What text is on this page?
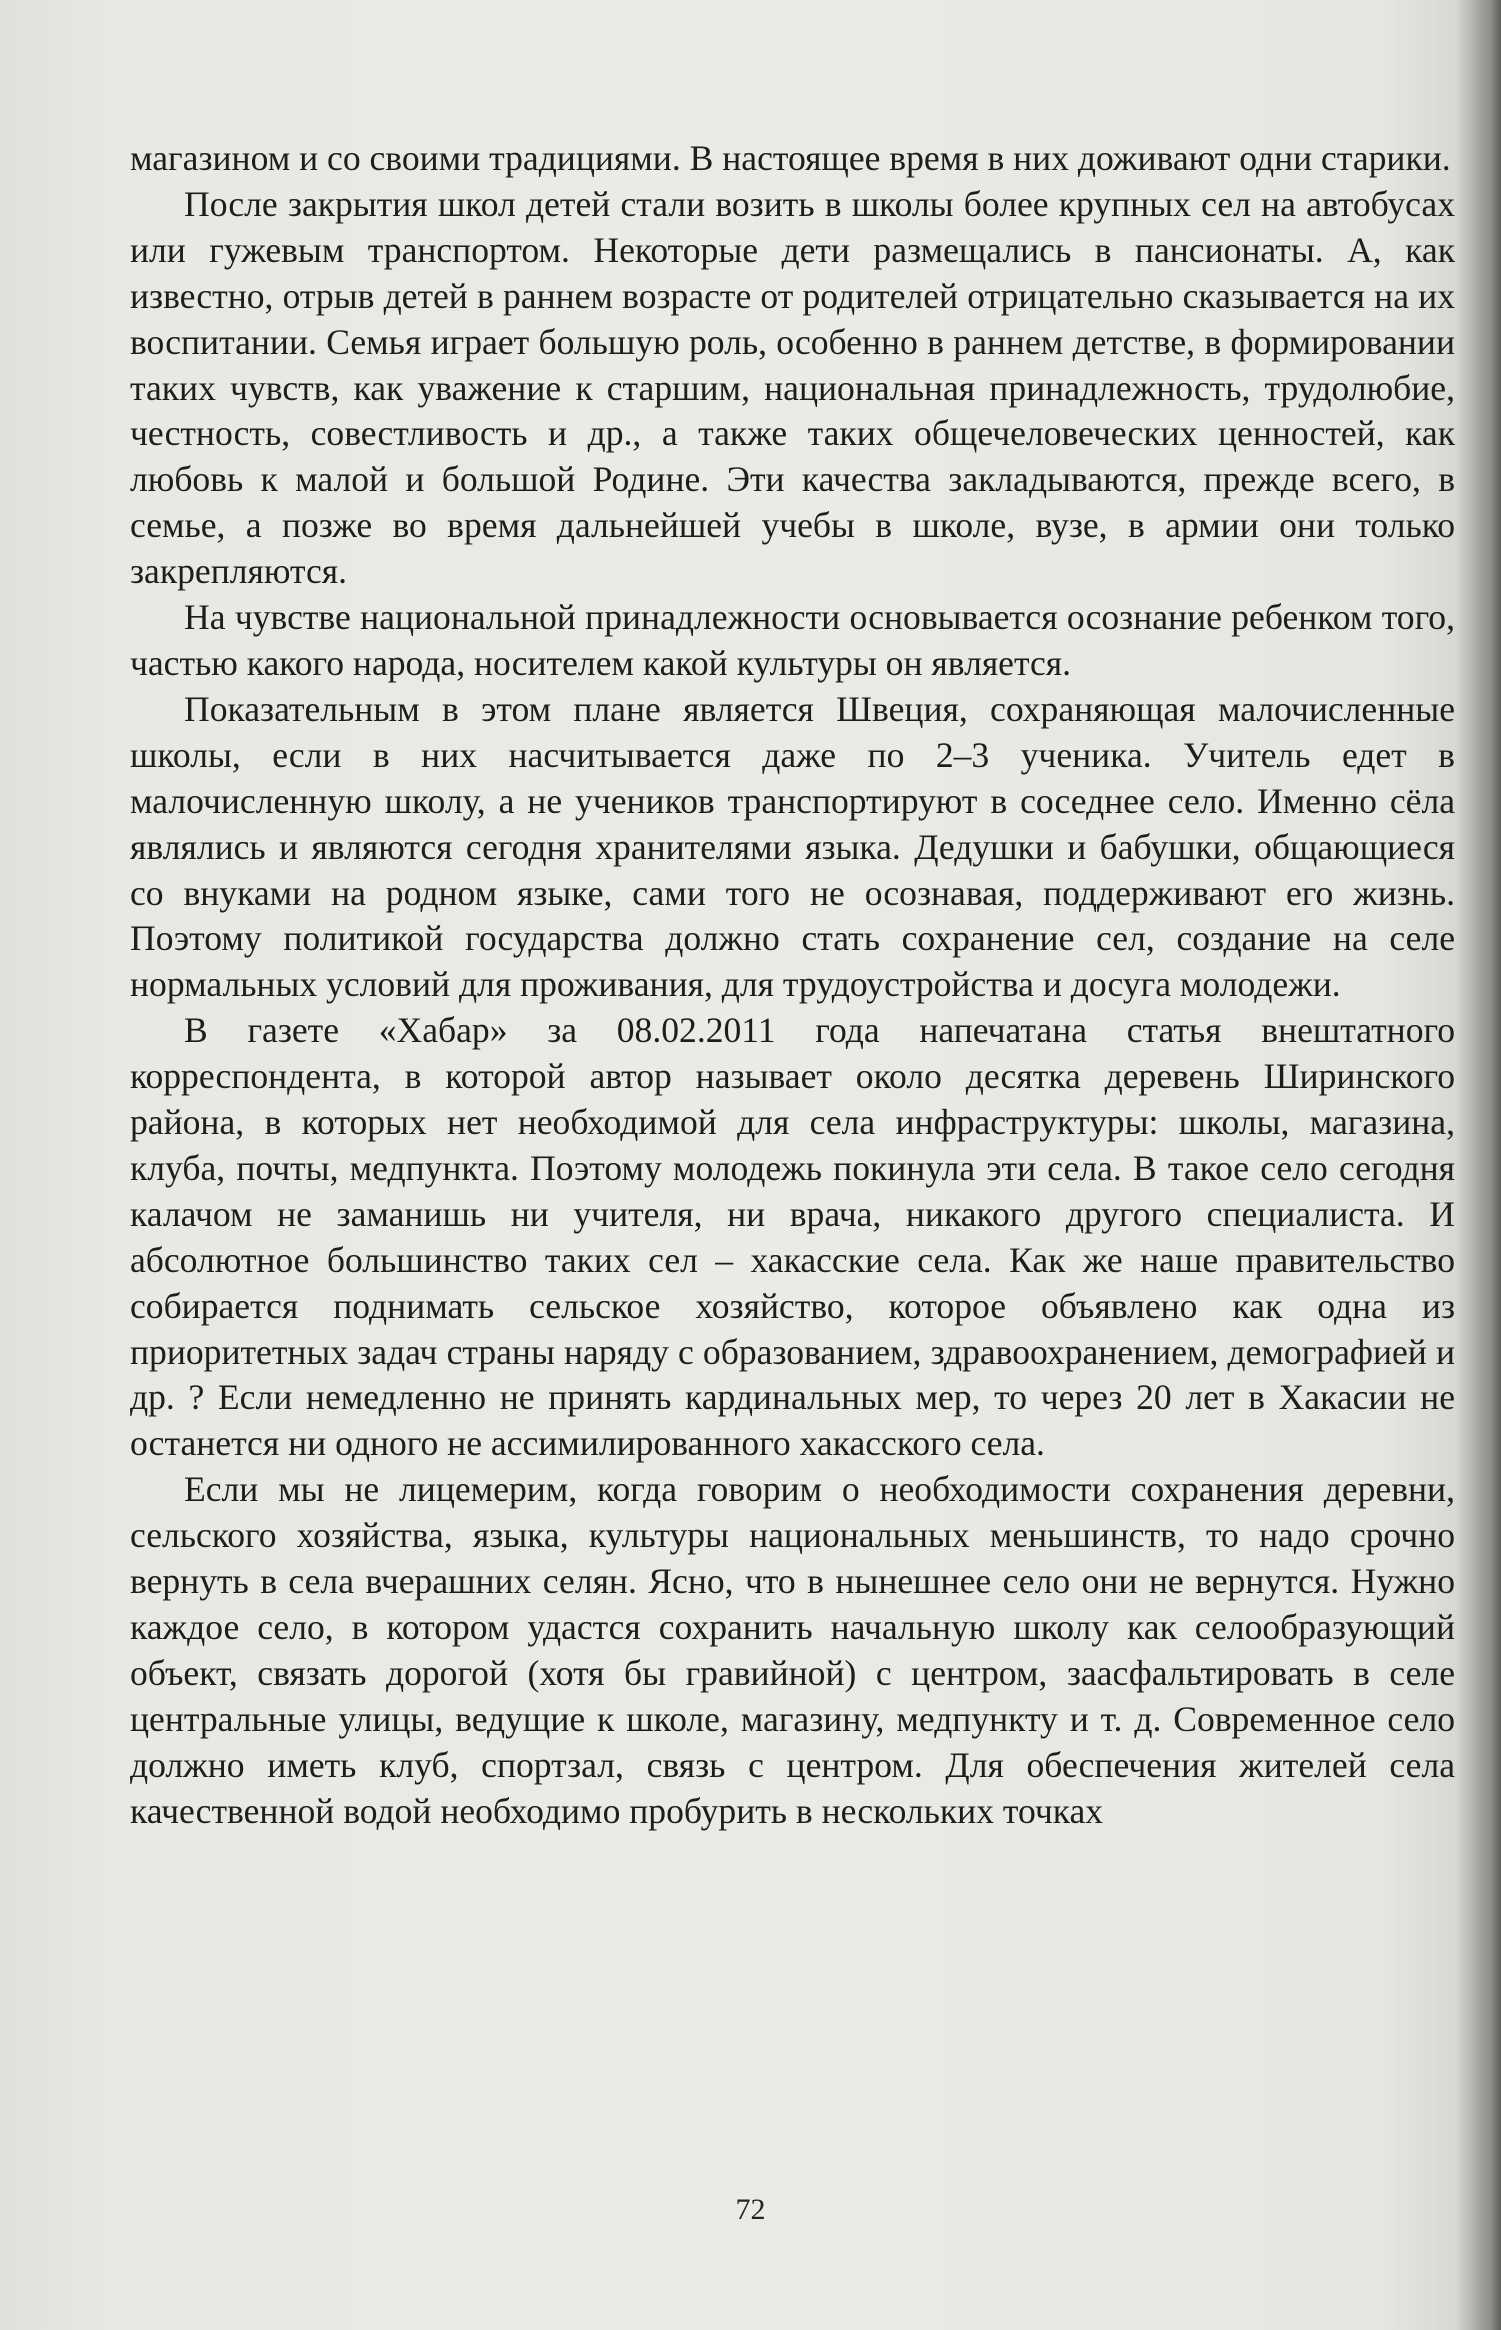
магазином и со своими традициями. В настоящее время в них доживают одни старики.

После закрытия школ детей стали возить в школы более крупных сел на автобусах или гужевым транспортом. Некоторые дети размещались в пансионаты. А, как известно, отрыв детей в раннем возрасте от родителей отрицательно сказывается на их воспитании. Семья играет большую роль, особенно в раннем детстве, в формировании таких чувств, как уважение к старшим, национальная принадлежность, трудолюбие, честность, совестливость и др., а также таких общечеловеческих ценностей, как любовь к малой и большой Родине. Эти качества закладываются, прежде всего, в семье, а позже во время дальнейшей учебы в школе, вузе, в армии они только закрепляются.

На чувстве национальной принадлежности основывается осознание ребенком того, частью какого народа, носителем какой культуры он является.

Показательным в этом плане является Швеция, сохраняющая малочисленные школы, если в них насчитывается даже по 2–3 ученика. Учитель едет в малочисленную школу, а не учеников транспортируют в соседнее село. Именно сёла являлись и являются сегодня хранителями языка. Дедушки и бабушки, общающиеся со внуками на родном языке, сами того не осознавая, поддерживают его жизнь. Поэтому политикой государства должно стать сохранение сел, создание на селе нормальных условий для проживания, для трудоустройства и досуга молодежи.

В газете «Хабар» за 08.02.2011 года напечатана статья внештатного корреспондента, в которой автор называет около десятка деревень Ширинского района, в которых нет необходимой для села инфраструктуры: школы, магазина, клуба, почты, медпункта. Поэтому молодежь покинула эти села. В такое село сегодня калачом не заманишь ни учителя, ни врача, никакого другого специалиста. И абсолютное большинство таких сел – хакасские села. Как же наше правительство собирается поднимать сельское хозяйство, которое объявлено как одна из приоритетных задач страны наряду с образованием, здравоохранением, демографией и др. ? Если немедленно не принять кардинальных мер, то через 20 лет в Хакасии не останется ни одного не ассимилированного хакасского села.

Если мы не лицемерим, когда говорим о необходимости сохранения деревни, сельского хозяйства, языка, культуры национальных меньшинств, то надо срочно вернуть в села вчерашних селян. Ясно, что в нынешнее село они не вернутся. Нужно каждое село, в котором удастся сохранить начальную школу как селообразующий объект, связать дорогой (хотя бы гравийной) с центром, заасфальтировать в селе центральные улицы, ведущие к школе, магазину, медпункту и т. д. Современное село должно иметь клуб, спортзал, связь с центром. Для обеспечения жителей села качественной водой необходимо пробурить в нескольких точках

72
